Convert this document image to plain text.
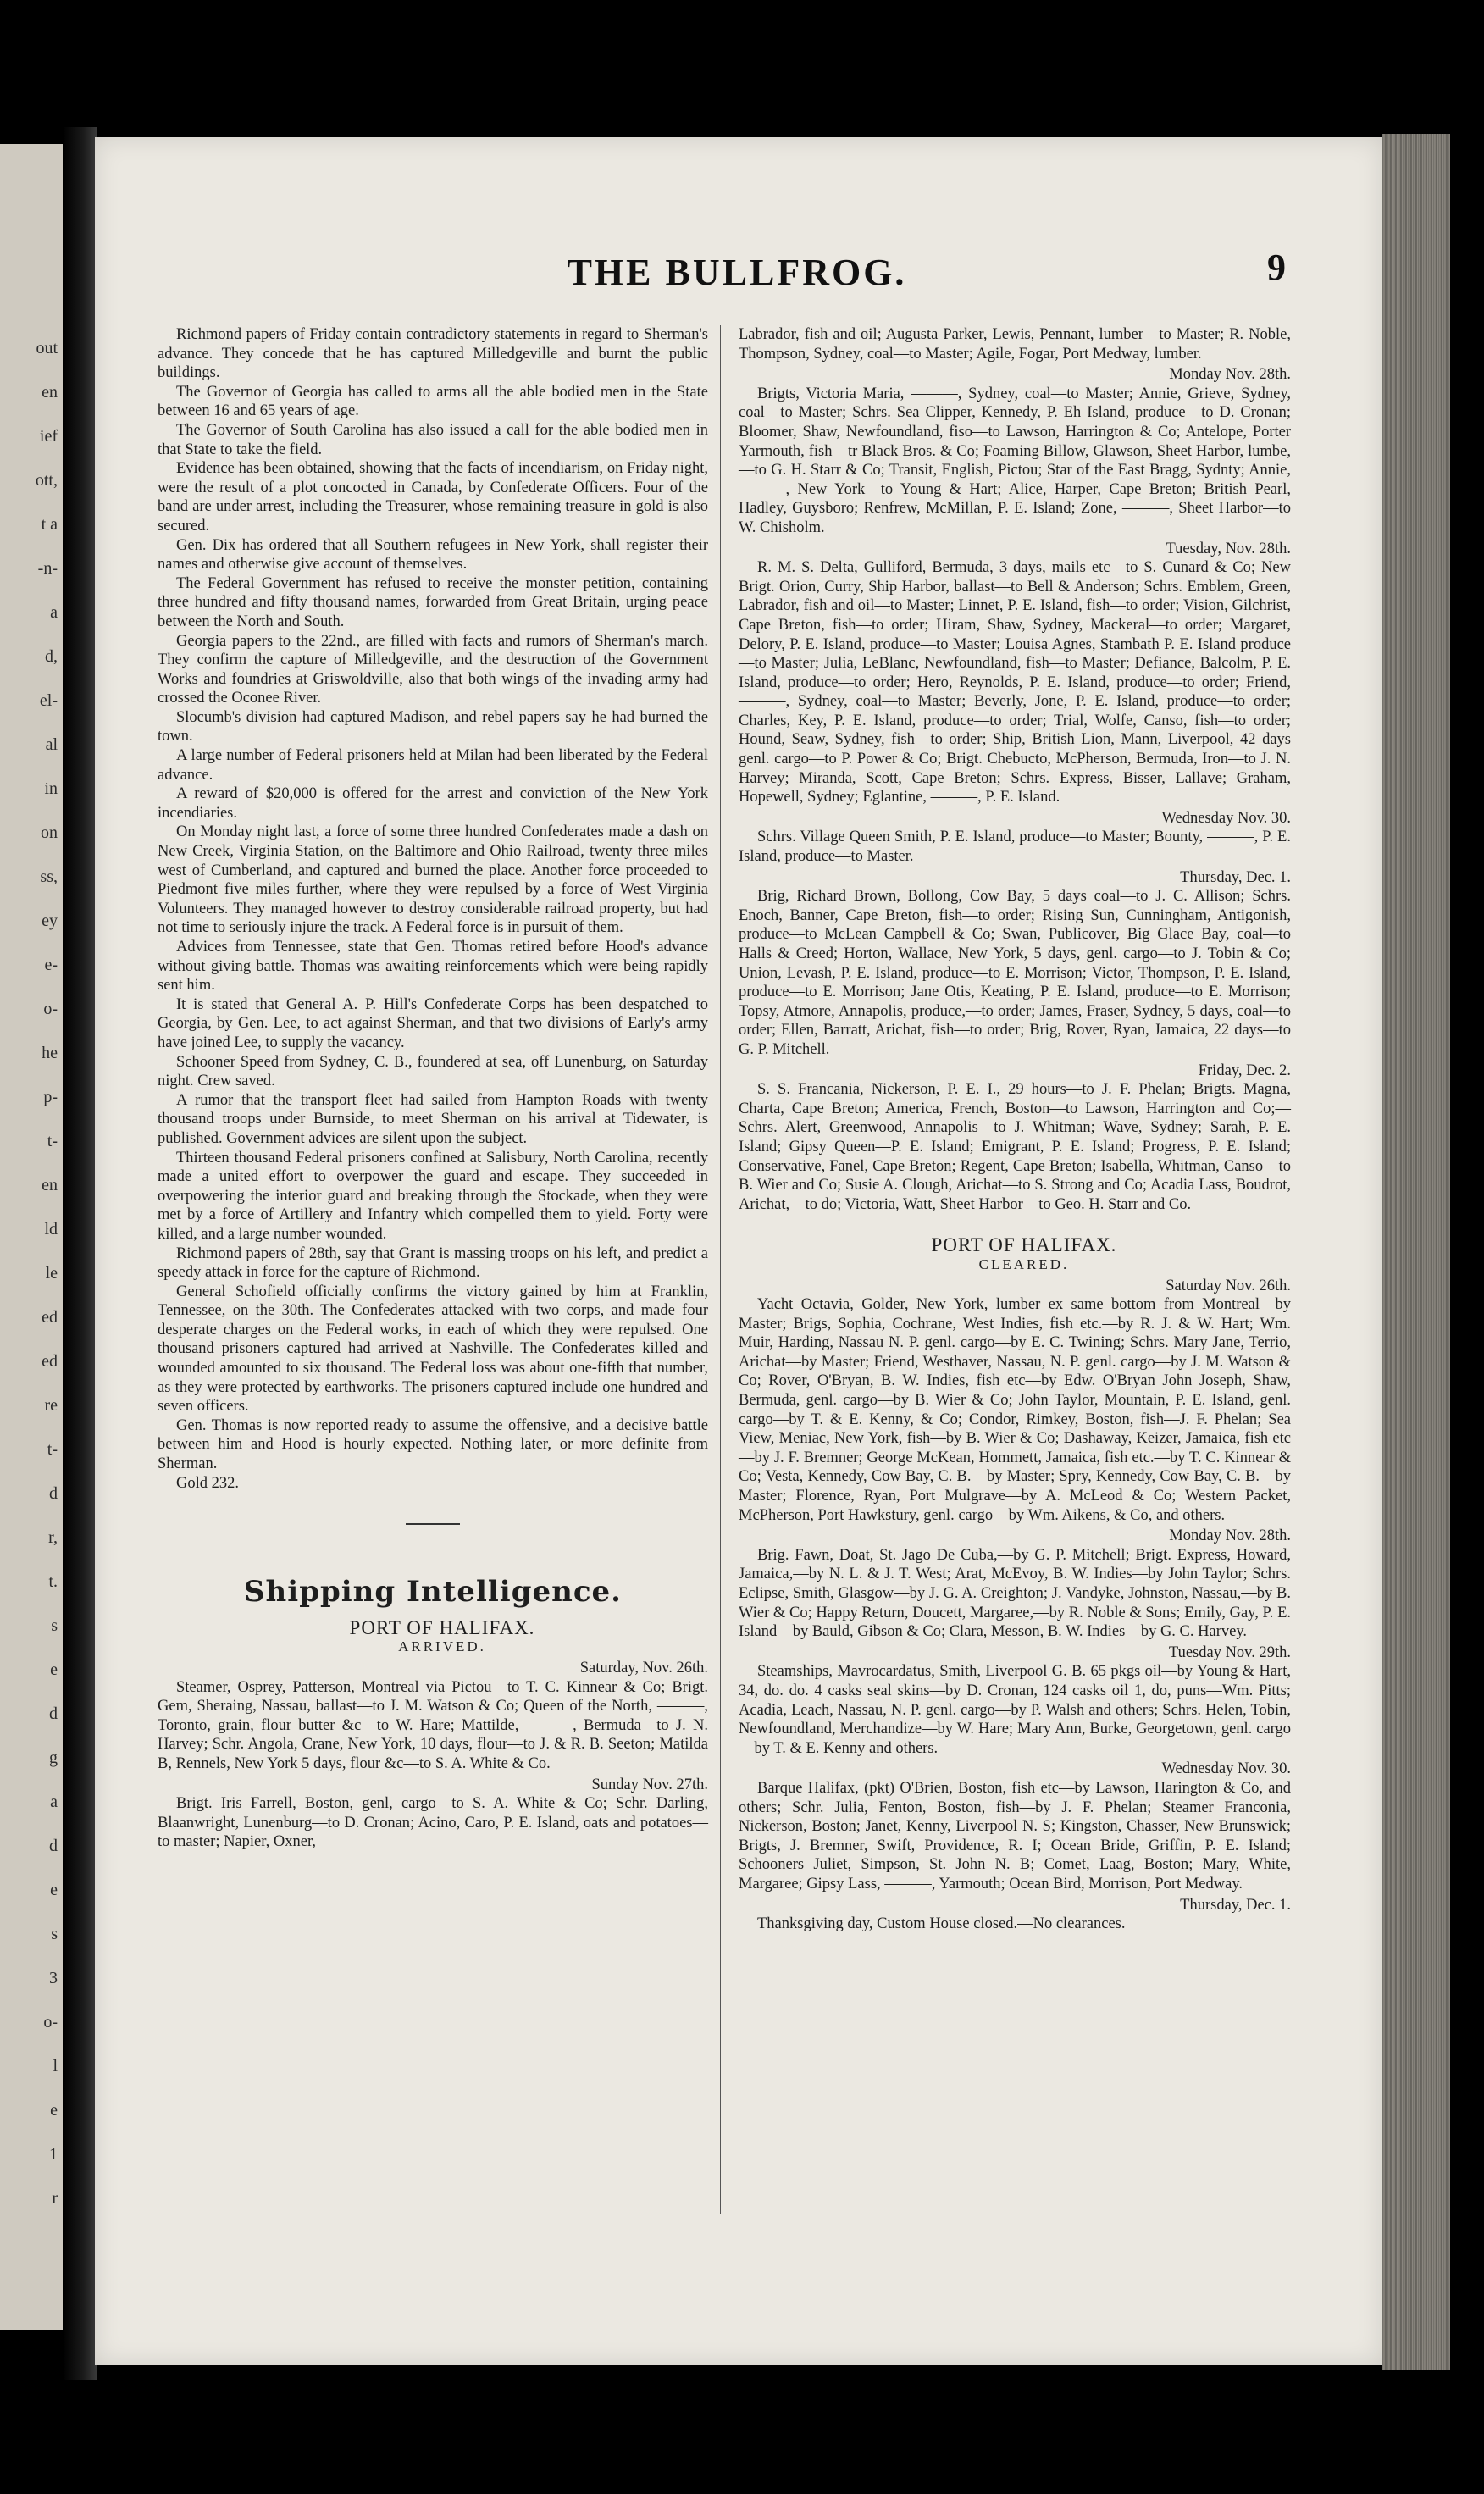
out
en
ief
ott,
t a
-n-
a
d,
el-
al
in
on
ss,
ey
e-
o-
he
p-
t-
en
ld
le
ed
ed
re
t-
d
r,
t.
s
e
d
g
a
d
e
s
3
o-
l
e
1
r
THE BULLFROG.	9

Richmond papers of Friday contain contradictory statements in regard to Sherman's advance. They concede that he has captured Milledgeville and burnt the public buildings.

The Governor of Georgia has called to arms all the able bodied men in the State between 16 and 65 years of age.

The Governor of South Carolina has also issued a call for the able bodied men in that State to take the field.

Evidence has been obtained, showing that the facts of incendiarism, on Friday night, were the result of a plot concocted in Canada, by Confederate Officers. Four of the band are under arrest, including the Treasurer, whose remaining treasure in gold is also secured.

Gen. Dix has ordered that all Southern refugees in New York, shall register their names and otherwise give account of themselves.

The Federal Government has refused to receive the monster petition, containing three hundred and fifty thousand names, forwarded from Great Britain, urging peace between the North and South.

Georgia papers to the 22nd., are filled with facts and rumors of Sherman's march. They confirm the capture of Milledgeville, and the destruction of the Government Works and foundries at Griswoldville, also that both wings of the invading army had crossed the Oconee River.

Slocumb's division had captured Madison, and rebel papers say he had burned the town.

A large number of Federal prisoners held at Milan had been liberated by the Federal advance.

A reward of $20,000 is offered for the arrest and conviction of the New York incendiaries.

On Monday night last, a force of some three hundred Confederates made a dash on New Creek, Virginia Station, on the Baltimore and Ohio Railroad, twenty three miles west of Cumberland, and captured and burned the place. Another force proceeded to Piedmont five miles further, where they were repulsed by a force of West Virginia Volunteers. They managed however to destroy considerable railroad property, but had not time to seriously injure the track. A Federal force is in pursuit of them.

Advices from Tennessee, state that Gen. Thomas retired before Hood's advance without giving battle. Thomas was awaiting reinforcements which were being rapidly sent him.

It is stated that General A. P. Hill's Confederate Corps has been despatched to Georgia, by Gen. Lee, to act against Sherman, and that two divisions of Early's army have joined Lee, to supply the vacancy.

Schooner Speed from Sydney, C. B., foundered at sea, off Lunenburg, on Saturday night. Crew saved.

A rumor that the transport fleet had sailed from Hampton Roads with twenty thousand troops under Burnside, to meet Sherman on his arrival at Tidewater, is published. Government advices are silent upon the subject.

Thirteen thousand Federal prisoners confined at Salisbury, North Carolina, recently made a united effort to overpower the guard and escape. They succeeded in overpowering the interior guard and breaking through the Stockade, when they were met by a force of Artillery and Infantry which compelled them to yield. Forty were killed, and a large number wounded.

Richmond papers of 28th, say that Grant is massing troops on his left, and predict a speedy attack in force for the capture of Richmond.

General Schofield officially confirms the victory gained by him at Franklin, Tennessee, on the 30th. The Confederates attacked with two corps, and made four desperate charges on the Federal works, in each of which they were repulsed. One thousand prisoners captured had arrived at Nashville. The Confederates killed and wounded amounted to six thousand. The Federal loss was about one-fifth that number, as they were protected by earthworks. The prisoners captured include one hundred and seven officers.

Gen. Thomas is now reported ready to assume the offensive, and a decisive battle between him and Hood is hourly expected. Nothing later, or more definite from Sherman.

Gold 232.

Shipping Intelligence.

PORT OF HALIFAX.

ARRIVED.

Saturday, Nov. 26th.

Steamer, Osprey, Patterson, Montreal via Pictou—to T. C. Kinnear & Co; Brigt. Gem, Sheraing, Nassau, ballast—to J. M. Watson & Co; Queen of the North, ———, Toronto, grain, flour butter &c—to W. Hare; Mattilde, ———, Bermuda—to J. N. Harvey; Schr. Angola, Crane, New York, 10 days, flour—to J. & R. B. Seeton; Matilda B, Rennels, New York 5 days, flour &c—to S. A. White & Co.

Sunday Nov. 27th.

Brigt. Iris Farrell, Boston, genl, cargo—to S. A. White & Co; Schr. Darling, Blaanwright, Lunenburg—to D. Cronan; Acino, Caro, P. E. Island, oats and potatoes—to master; Napier, Oxner,

Labrador, fish and oil; Augusta Parker, Lewis, Pennant, lumber—to Master; R. Noble, Thompson, Sydney, coal—to Master; Agile, Fogar, Port Medway, lumber.

Monday Nov. 28th.

Brigts, Victoria Maria, ———, Sydney, coal—to Master; Annie, Grieve, Sydney, coal—to Master; Schrs. Sea Clipper, Kennedy, P. Eh Island, produce—to D. Cronan; Bloomer, Shaw, Newfoundland, fiso—to Lawson, Harrington & Co; Antelope, Porter Yarmouth, fish—tr Black Bros. & Co; Foaming Billow, Glawson, Sheet Harbor, lumbe,—to G. H. Starr & Co; Transit, English, Pictou; Star of the East Bragg, Sydnty; Annie, ———, New York—to Young & Hart; Alice, Harper, Cape Breton; British Pearl, Hadley, Guysboro; Renfrew, McMillan, P. E. Island; Zone, ———, Sheet Harbor—to W. Chisholm.

Tuesday, Nov. 28th.

R. M. S. Delta, Gulliford, Bermuda, 3 days, mails etc—to S. Cunard & Co; New Brigt. Orion, Curry, Ship Harbor, ballast—to Bell & Anderson; Schrs. Emblem, Green, Labrador, fish and oil—to Master; Linnet, P. E. Island, fish—to order; Vision, Gilchrist, Cape Breton, fish—to order; Hiram, Shaw, Sydney, Mackeral—to order; Margaret, Delory, P. E. Island, produce—to Master; Louisa Agnes, Stambath P. E. Island produce—to Master; Julia, LeBlanc, Newfoundland, fish—to Master; Defiance, Balcolm, P. E. Island, produce—to order; Hero, Reynolds, P. E. Island, produce—to order; Friend, ———, Sydney, coal—to Master; Beverly, Jone, P. E. Island, produce—to order; Charles, Key, P. E. Island, produce—to order; Trial, Wolfe, Canso, fish—to order; Hound, Seaw, Sydney, fish—to order; Ship, British Lion, Mann, Liverpool, 42 days genl. cargo—to P. Power & Co; Brigt. Chebucto, McPherson, Bermuda, Iron—to J. N. Harvey; Miranda, Scott, Cape Breton; Schrs. Express, Bisser, Lallave; Graham, Hopewell, Sydney; Eglantine, ———, P. E. Island.

Wednesday Nov. 30.

Schrs. Village Queen Smith, P. E. Island, produce—to Master; Bounty, ———, P. E. Island, produce—to Master.

Thursday, Dec. 1.

Brig, Richard Brown, Bollong, Cow Bay, 5 days coal—to J. C. Allison; Schrs. Enoch, Banner, Cape Breton, fish—to order; Rising Sun, Cunningham, Antigonish, produce—to McLean Campbell & Co; Swan, Publicover, Big Glace Bay, coal—to Halls & Creed; Horton, Wallace, New York, 5 days, genl. cargo—to J. Tobin & Co; Union, Levash, P. E. Island, produce—to E. Morrison; Victor, Thompson, P. E. Island, produce—to E. Morrison; Jane Otis, Keating, P. E. Island, produce—to E. Morrison; Topsy, Atmore, Annapolis, produce,—to order; James, Fraser, Sydney, 5 days, coal—to order; Ellen, Barratt, Arichat, fish—to order; Brig, Rover, Ryan, Jamaica, 22 days—to G. P. Mitchell.

Friday, Dec. 2.

S. S. Francania, Nickerson, P. E. I., 29 hours—to J. F. Phelan; Brigts. Magna, Charta, Cape Breton; America, French, Boston—to Lawson, Harrington and Co;—Schrs. Alert, Greenwood, Annapolis—to J. Whitman; Wave, Sydney; Sarah, P. E. Island; Gipsy Queen—P. E. Island; Emigrant, P. E. Island; Progress, P. E. Island; Conservative, Fanel, Cape Breton; Regent, Cape Breton; Isabella, Whitman, Canso—to B. Wier and Co; Susie A. Clough, Arichat—to S. Strong and Co; Acadia Lass, Boudrot, Arichat,—to do; Victoria, Watt, Sheet Harbor—to Geo. H. Starr and Co.

PORT OF HALIFAX.

CLEARED.

Saturday Nov. 26th.

Yacht Octavia, Golder, New York, lumber ex same bottom from Montreal—by Master; Brigs, Sophia, Cochrane, West Indies, fish etc.—by R. J. & W. Hart; Wm. Muir, Harding, Nassau N. P. genl. cargo—by E. C. Twining; Schrs. Mary Jane, Terrio, Arichat—by Master; Friend, Westhaver, Nassau, N. P. genl. cargo—by J. M. Watson & Co; Rover, O'Bryan, B. W. Indies, fish etc—by Edw. O'Bryan John Joseph, Shaw, Bermuda, genl. cargo—by B. Wier & Co; John Taylor, Mountain, P. E. Island, genl. cargo—by T. & E. Kenny, & Co; Condor, Rimkey, Boston, fish—J. F. Phelan; Sea View, Meniac, New York, fish—by B. Wier & Co; Dashaway, Keizer, Jamaica, fish etc—by J. F. Bremner; George McKean, Hommett, Jamaica, fish etc.—by T. C. Kinnear & Co; Vesta, Kennedy, Cow Bay, C. B.—by Master; Spry, Kennedy, Cow Bay, C. B.—by Master; Florence, Ryan, Port Mulgrave—by A. McLeod & Co; Western Packet, McPherson, Port Hawkstury, genl. cargo—by Wm. Aikens, & Co, and others.

Monday Nov. 28th.

Brig. Fawn, Doat, St. Jago De Cuba,—by G. P. Mitchell; Brigt. Express, Howard, Jamaica,—by N. L. & J. T. West; Arat, McEvoy, B. W. Indies—by John Taylor; Schrs. Eclipse, Smith, Glasgow—by J. G. A. Creighton; J. Vandyke, Johnston, Nassau,—by B. Wier & Co; Happy Return, Doucett, Margaree,—by R. Noble & Sons; Emily, Gay, P. E. Island—by Bauld, Gibson & Co; Clara, Messon, B. W. Indies—by G. C. Harvey.

Tuesday Nov. 29th.

Steamships, Mavrocardatus, Smith, Liverpool G. B. 65 pkgs oil—by Young & Hart, 34, do. do. 4 casks seal skins—by D. Cronan, 124 casks oil 1, do, puns—Wm. Pitts; Acadia, Leach, Nassau, N. P. genl. cargo—by P. Walsh and others; Schrs. Helen, Tobin, Newfoundland, Merchandize—by W. Hare; Mary Ann, Burke, Georgetown, genl. cargo—by T. & E. Kenny and others.

Wednesday Nov. 30.

Barque Halifax, (pkt) O'Brien, Boston, fish etc—by Lawson, Harington & Co, and others; Schr. Julia, Fenton, Boston, fish—by J. F. Phelan; Steamer Franconia, Nickerson, Boston; Janet, Kenny, Liverpool N. S; Kingston, Chasser, New Brunswick; Brigts, J. Bremner, Swift, Providence, R. I; Ocean Bride, Griffin, P. E. Island; Schooners Juliet, Simpson, St. John N. B; Comet, Laag, Boston; Mary, White, Margaree; Gipsy Lass, ———, Yarmouth; Ocean Bird, Morrison, Port Medway.

Thursday, Dec. 1.

Thanksgiving day, Custom House closed.—No clearances.
